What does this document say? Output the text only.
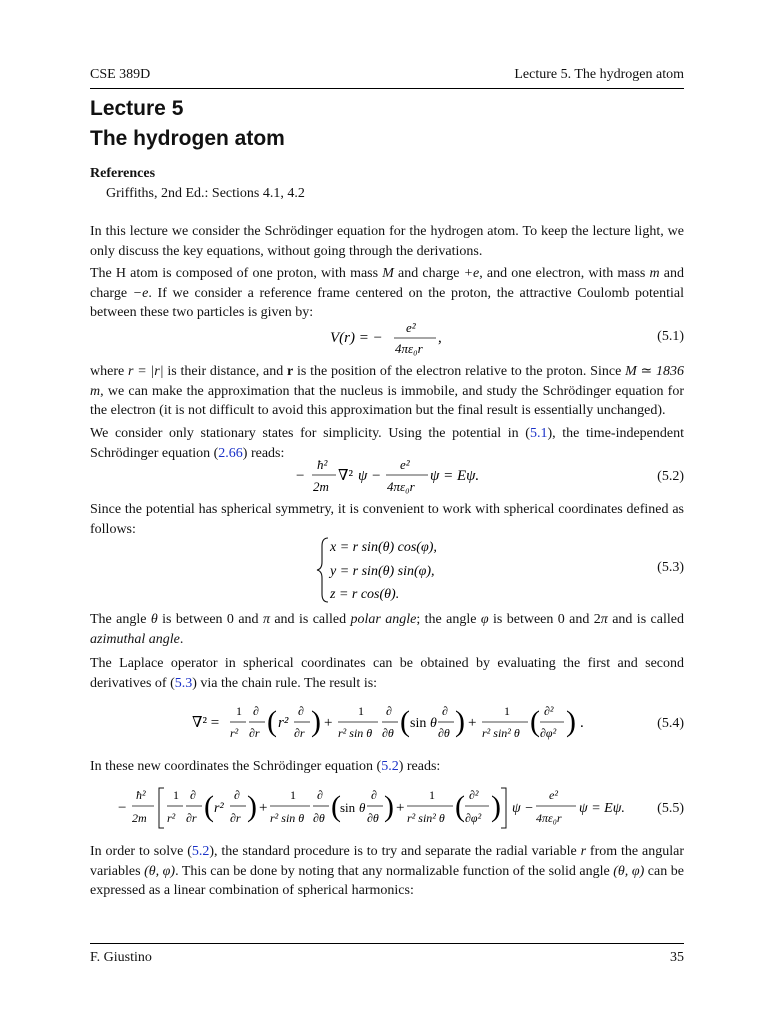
CSE 389D	Lecture 5. The hydrogen atom
Lecture 5
The hydrogen atom
References
Griffiths, 2nd Ed.: Sections 4.1, 4.2
In this lecture we consider the Schrödinger equation for the hydrogen atom. To keep the lecture light, we only discuss the key equations, without going through the derivations.
The H atom is composed of one proton, with mass M and charge +e, and one electron, with mass m and charge −e. If we consider a reference frame centered on the proton, the attractive Coulomb potential between these two particles is given by:
V(r) = −
e²
4πε₀r
,	(5.1)
where r = |r| is their distance, and r is the position of the electron relative to the proton. Since M ≃ 1836 m, we can make the approximation that the nucleus is immobile, and study the Schrödinger equation for the electron (it is not difficult to avoid this approximation but the final result is essentially unchanged).
We consider only stationary states for simplicity. Using the potential in (5.1), the time-independent Schrödinger equation (2.66) reads:
−
ħ²
2m
∇² ψ −
e²
4πε₀r
ψ = Eψ.	(5.2)
Since the potential has spherical symmetry, it is convenient to work with spherical coordinates defined as follows:
x = r sin(θ) cos(φ),
y = r sin(θ) sin(φ),
z = r cos(θ).
(5.3)
The angle θ is between 0 and π and is called polar angle; the angle φ is between 0 and 2π and is called azimuthal angle.
The Laplace operator in spherical coordinates can be obtained by evaluating the first and second derivatives of (5.3) via the chain rule. The result is:
∇² =
1
r²
∂
∂r ( r²
∂
∂r ) +
1
r² sin θ
∂
∂θ ( sin θ
∂
∂θ ) +
1
r² sin² θ ( ∂²
∂φ² ) .	(5.4)
In these new coordinates the Schrödinger equation (5.2) reads:
−
ħ²
2m
1
r²
∂
∂r ( r²
∂
∂r ) +
1
r² sin θ
∂
∂θ ( sin θ
∂
∂θ ) +
1
r² sin² θ ( ∂²
∂φ² ) ψ −
e²
4πε₀r
ψ = Eψ. (5.5)
In order to solve (5.2), the standard procedure is to try and separate the radial variable r from the angular variables (θ, φ). This can be done by noting that any normalizable function of the solid angle (θ, φ) can be expressed as a linear combination of spherical harmonics:
F. Giustino	35
